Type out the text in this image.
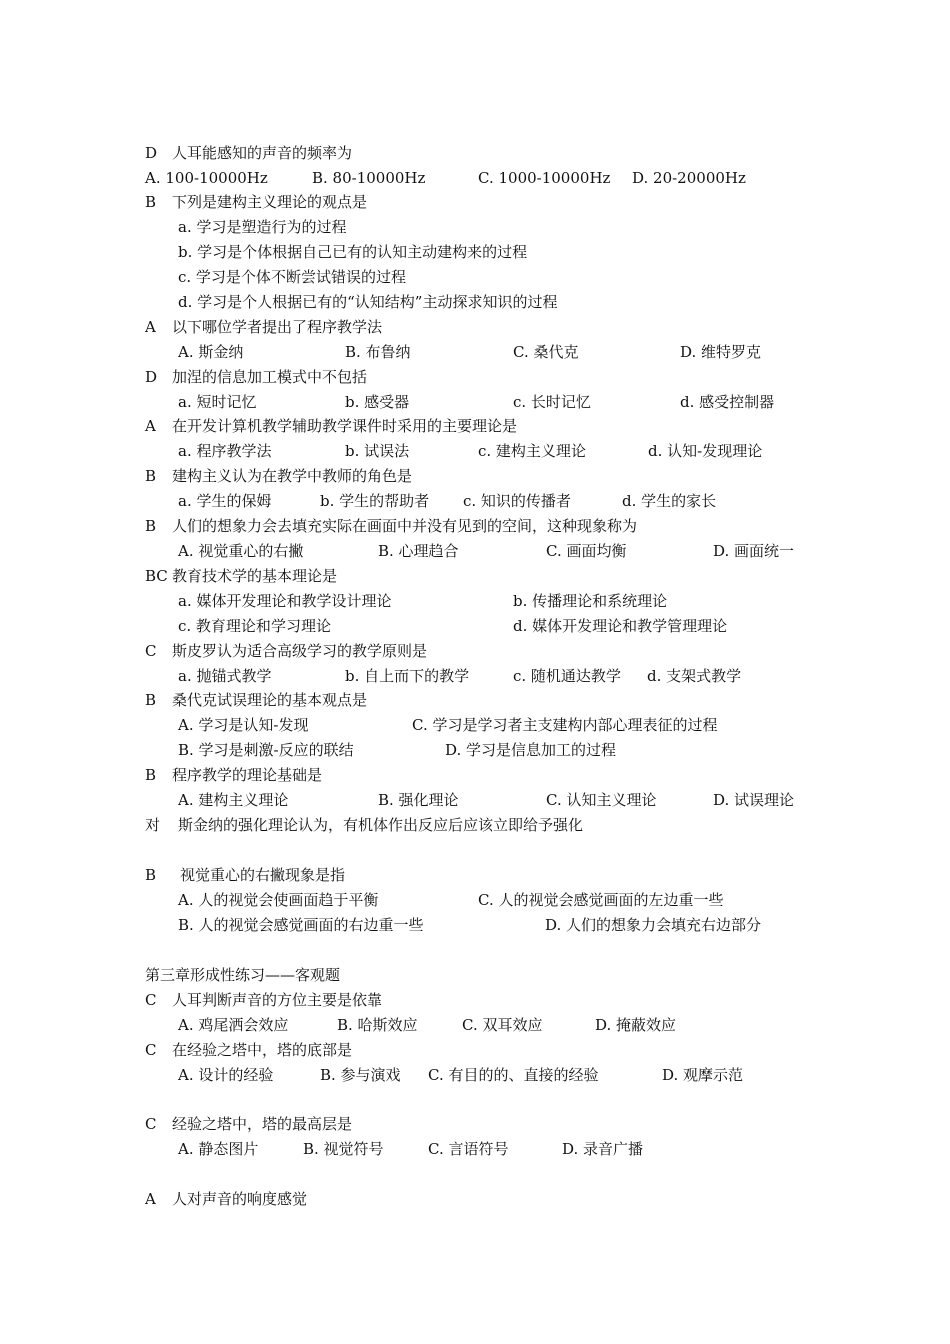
D 人耳能感知的声音的频率为
A. 100-10000Hz	B. 80-10000Hz	C. 1000-10000Hz D. 20-20000Hz
B 下列是建构主义理论的观点是
a. 学习是塑造行为的过程
b. 学习是个体根据自己已有的认知主动建构来的过程
c. 学习是个体不断尝试错误的过程
d. 学习是个人根据已有的“认知结构”主动探求知识的过程
A 以下哪位学者提出了程序教学法
A. 斯金纳	B. 布鲁纳	C. 桑代克	D. 维特罗克
D 加涅的信息加工模式中不包括
a. 短时记忆	b. 感受器	c. 长时记忆	d. 感受控制器
A 在开发计算机教学辅助教学课件时采用的主要理论是
a. 程序教学法	b. 试误法	c. 建构主义理论	d. 认知-发现理论
B 建构主义认为在教学中教师的角色是
a. 学生的保姆	b. 学生的帮助者 c. 知识的传播者	d. 学生的家长
B 人们的想象力会去填充实际在画面中并没有见到的空间，这种现象称为
A. 视觉重心的右撇	B. 心理趋合	C. 画面均衡	D. 画面统一
BC 教育技术学的基本理论是
a. 媒体开发理论和教学设计理论	b. 传播理论和系统理论
c. 教育理论和学习理论	d. 媒体开发理论和教学管理理论
C 斯皮罗认为适合高级学习的教学原则是
a. 抛锚式教学	b. 自上而下的教学	c. 随机通达教学 d. 支架式教学
B 桑代克试误理论的基本观点是
A. 学习是认知-发现	C. 学习是学习者主支建构内部心理表征的过程
B. 学习是刺激-反应的联结	D. 学习是信息加工的过程
B 程序教学的理论基础是
A. 建构主义理论	B. 强化理论	C. 认知主义理论	D. 试误理论
对 斯金纳的强化理论认为，有机体作出反应后应该立即给予强化
B 视觉重心的右撇现象是指
A. 人的视觉会使画面趋于平衡	C. 人的视觉会感觉画面的左边重一些
B. 人的视觉会感觉画面的右边重一些	D. 人们的想象力会填充右边部分
第三章形成性练习——客观题
C 人耳判断声音的方位主要是依靠
A. 鸡尾洒会效应	B. 哈斯效应	C. 双耳效应	D. 掩蔽效应
C 在经验之塔中，塔的底部是
A. 设计的经验	B. 参与演戏 C. 有目的的、直接的经验	D. 观摩示范
C 经验之塔中，塔的最高层是
A. 静态图片	B. 视觉符号	C. 言语符号	D. 录音广播
A 人对声音的响度感觉
